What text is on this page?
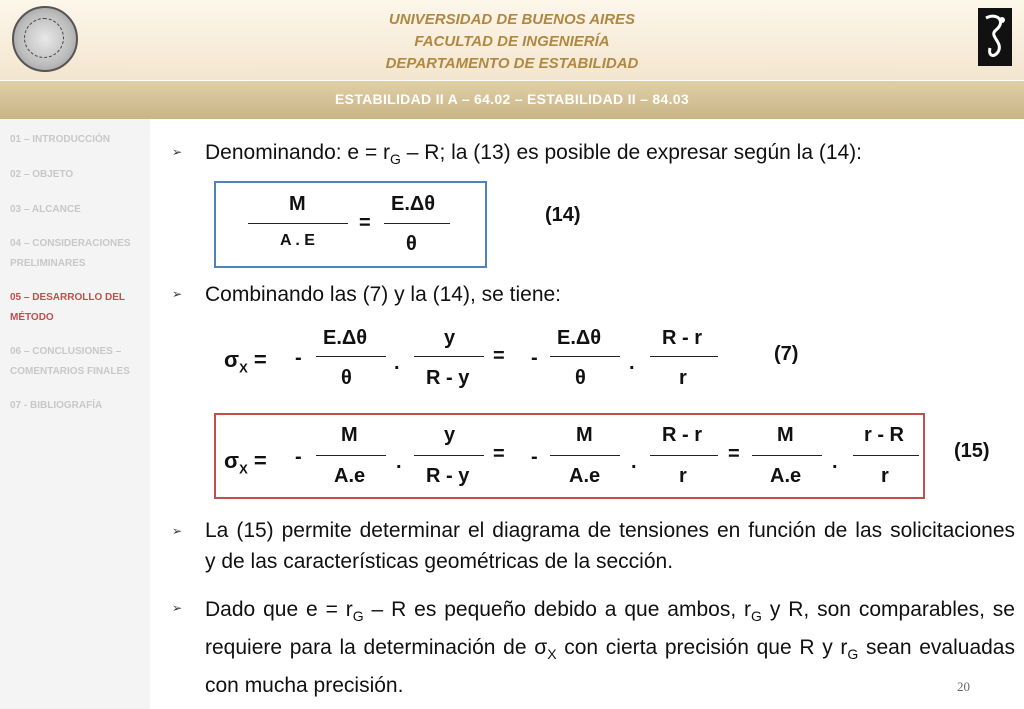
UNIVERSIDAD DE BUENOS AIRES
FACULTAD DE INGENIERÍA
DEPARTAMENTO DE ESTABILIDAD
ESTABILIDAD II A – 64.02 – ESTABILIDAD II – 84.03
01 – INTRODUCCIÓN
02 – OBJETO
03 – ALCANCE
04 – CONSIDERACIONES
PRELIMINARES
05 – DESARROLLO DEL
MÉTODO
06 – CONCLUSIONES –
COMENTARIOS FINALES
07 - BIBLIOGRAFÍA
➢ Denominando: $e = r_G - R$; la (13) es posible de expresar según la (14):
M
A . E
=
E.Δθ
θ
(14)
➢ Combinando las (7) y la (14), se tiene:
$\sigma_X$ = -
E.Δθ
θ
.
y
R - y
= -
E.Δθ
θ
.
R - r
r
(7)
$\sigma_X$ = -
M
A.e
.
y
R - y
= -
M
A.e
.
R - r
r
=
M
A.e
.
r - R
r
(15)
➢ La (15) permite determinar el diagrama de tensiones en función de las solicitaciones
y de las características geométricas de la sección.
➢ Dado que $e = r_G - R$ es pequeño debido a que ambos, $r_G$ y R, son comparables, se
requiere para la determinación de $\sigma_X$ con cierta precisión que R y $r_G$ sean evaluadas
con mucha precisión.	20
